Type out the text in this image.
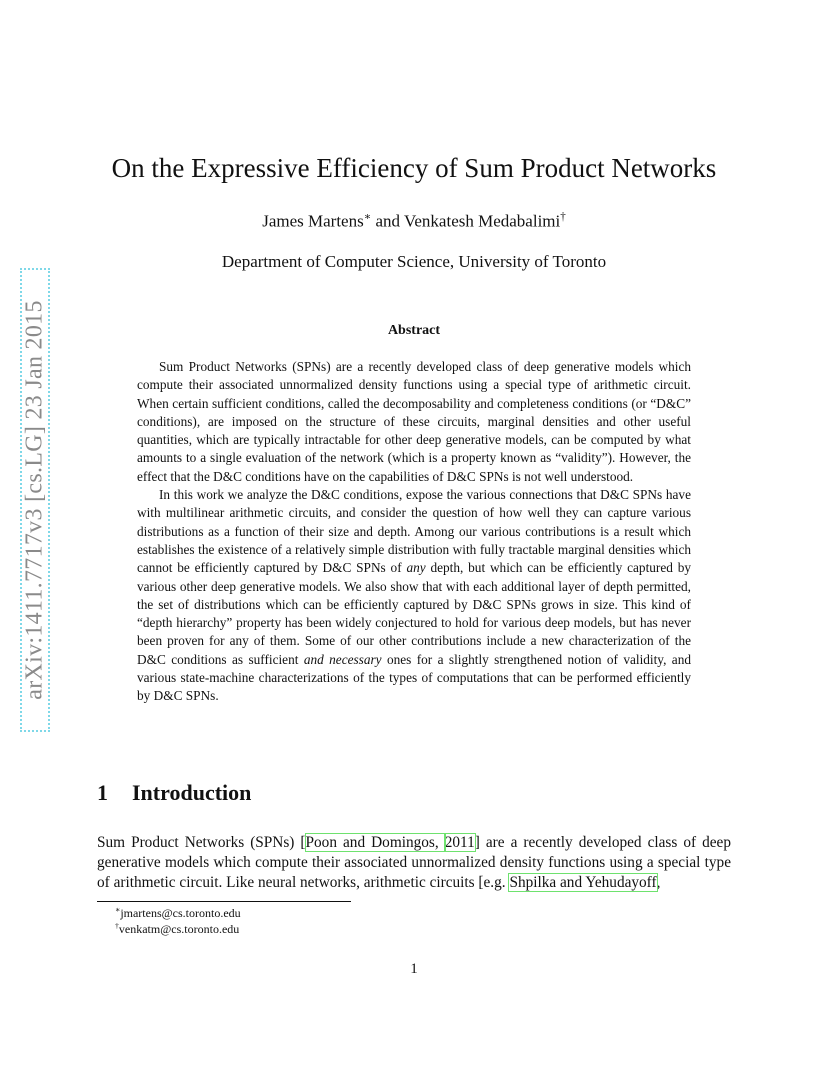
arXiv:1411.7717v3 [cs.LG] 23 Jan 2015
On the Expressive Efficiency of Sum Product Networks
James Martens∗ and Venkatesh Medabalimi†
Department of Computer Science, University of Toronto
Abstract

Sum Product Networks (SPNs) are a recently developed class of deep generative models which compute their associated unnormalized density functions using a special type of arithmetic circuit. When certain sufficient conditions, called the decomposability and completeness conditions (or “D&C” conditions), are imposed on the structure of these circuits, marginal densities and other useful quantities, which are typically intractable for other deep generative models, can be computed by what amounts to a single evaluation of the network (which is a property known as “validity”). However, the effect that the D&C conditions have on the capabilities of D&C SPNs is not well understood.

In this work we analyze the D&C conditions, expose the various connections that D&C SPNs have with multilinear arithmetic circuits, and consider the question of how well they can capture various distributions as a function of their size and depth. Among our various contributions is a result which establishes the existence of a relatively simple distribution with fully tractable marginal densities which cannot be efficiently captured by D&C SPNs of any depth, but which can be efficiently captured by various other deep generative models. We also show that with each additional layer of depth permitted, the set of distributions which can be efficiently captured by D&C SPNs grows in size. This kind of “depth hierarchy” property has been widely conjectured to hold for various deep models, but has never been proven for any of them. Some of our other contributions include a new characterization of the D&C conditions as sufficient and necessary ones for a slightly strengthened notion of validity, and various state-machine characterizations of the types of computations that can be performed efficiently by D&C SPNs.

1 Introduction
Sum Product Networks (SPNs) [Poon and Domingos, 2011] are a recently developed class of deep generative models which compute their associated unnormalized density functions using a special type of arithmetic circuit. Like neural networks, arithmetic circuits [e.g. Shpilka and Yehudayoff,
∗jmartens@cs.toronto.edu
†venkatm@cs.toronto.edu
1
